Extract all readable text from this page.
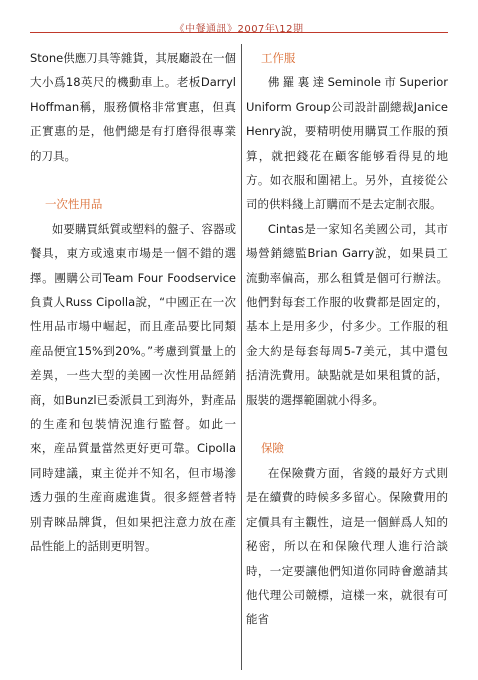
《中餐通訊》2007年\12期

Stone供應刀具等雜貨，其展廳設在一個大小爲18英尺的機動車上。老板Darryl Hoffman稱，服務價格非常實惠，但真正實惠的是，他們總是有打磨得很專業的刀具。

一次性用品

如要購買紙質或塑料的盤子、容器或餐具，東方或遠東市場是一個不錯的選擇。團購公司Team Four Foodservice負責人Russ Cipolla說，“中國正在一次性用品市場中崛起，而且產品要比同類産品便宜15%到20%。”考慮到質量上的差異，一些大型的美國一次性用品經銷商，如Bunzl已委派員工到海外，對產品的生產和包裝情況進行監督。如此一來，産品質量當然更好更可靠。Cipolla同時建議，東主從并不知名，但市場滲透力强的生産商處進貨。很多經營者特别青睞品牌貨，但如果把注意力放在產品性能上的話則更明智。

工作服

佛羅裏達Seminole市Superior Uniform Group公司設計副總裁Janice Henry說，要精明使用購買工作服的預算，就把錢花在顧客能够看得見的地方。如衣服和圍裙上。另外，直接從公司的供料綫上訂購而不是去定制衣服。

Cintas是一家知名美國公司，其市場營銷總監Brian Garry說，如果員工流動率偏高，那么租賃是個可行辦法。他們對每套工作服的收費都是固定的，基本上是用多少，付多少。工作服的租金大約是每套每周5-7美元，其中還包括清洗費用。缺點就是如果租賃的話，服裝的選擇範圍就小得多。

保險

在保險費方面，省錢的最好方式則是在續費的時候多多留心。保險費用的定價具有主觀性，這是一個鮮爲人知的秘密，所以在和保險代理人進行洽談時，一定要讓他們知道你同時會邀請其他代理公司競標，這樣一來，就很有可能省
